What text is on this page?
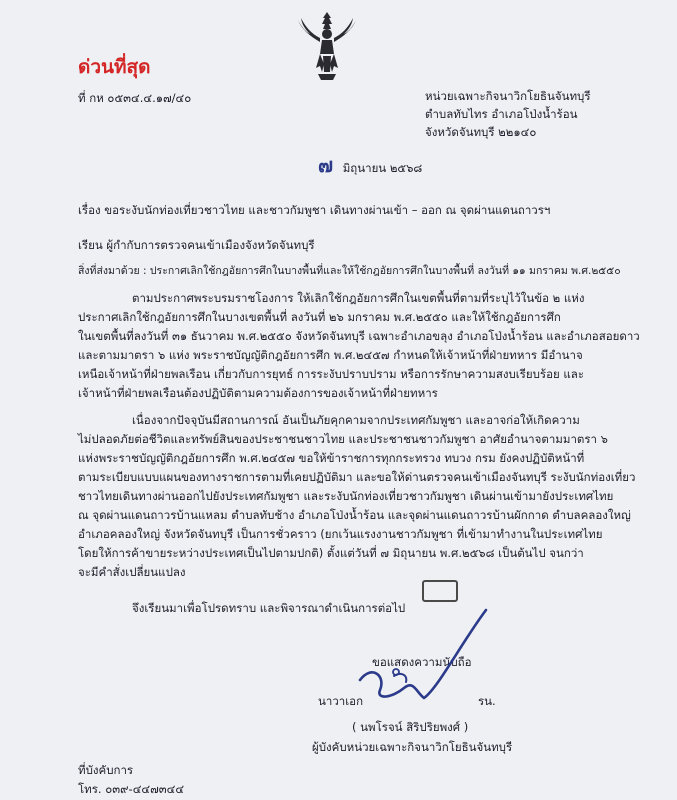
ด่วนที่สุด
ที่ กห ๐๕๓๔.๔.๑๗/๔๐	หน่วยเฉพาะกิจนาวิกโยธินจันทบุรี
ตำบลทับไทร อำเภอโป่งน้ำร้อน
จังหวัดจันทบุรี ๒๒๑๔๐
๗ มิถุนายน ๒๕๖๘
เรื่อง ขอระงับนักท่องเที่ยวชาวไทย และชาวกัมพูชา เดินทางผ่านเข้า – ออก ณ จุดผ่านแดนถาวรฯ
เรียน ผู้กำกับการตรวจคนเข้าเมืองจังหวัดจันทบุรี
สิ่งที่ส่งมาด้วย : ประกาศเลิกใช้กฎอัยการศึกในบางพื้นที่และให้ใช้กฎอัยการศึกในบางพื้นที่ ลงวันที่ ๑๑ มกราคม พ.ศ.๒๕๕๐
ตามประกาศพระบรมราชโองการ ให้เลิกใช้กฎอัยการศึกในเขตพื้นที่ตามที่ระบุไว้ในข้อ ๒ แห่ง
ประกาศเลิกใช้กฎอัยการศึกในบางเขตพื้นที่ ลงวันที่ ๒๖ มกราคม พ.ศ.๒๕๕๐ และให้ใช้กฎอัยการศึก
ในเขตพื้นที่ลงวันที่ ๓๑ ธันวาคม พ.ศ.๒๕๕๐ จังหวัดจันทบุรี เฉพาะอำเภอขลุง อำเภอโป่งน้ำร้อน และอำเภอสอยดาว
และตามมาตรา ๖ แห่ง พระราชบัญญัติกฎอัยการศึก พ.ศ.๒๔๕๗ กำหนดให้เจ้าหน้าที่ฝ่ายทหาร มีอำนาจ
เหนือเจ้าหน้าที่ฝ่ายพลเรือน เกี่ยวกับการยุทธ์ การระงับปราบปราม หรือการรักษาความสงบเรียบร้อย และ
เจ้าหน้าที่ฝ่ายพลเรือนต้องปฏิบัติตามความต้องการของเจ้าหน้าที่ฝ่ายทหาร
เนื่องจากปัจจุบันมีสถานการณ์ อันเป็นภัยคุกคามจากประเทศกัมพูชา และอาจก่อให้เกิดความ
ไม่ปลอดภัยต่อชีวิตและทรัพย์สินของประชาชนชาวไทย และประชาชนชาวกัมพูชา อาศัยอำนาจตามมาตรา ๖
แห่งพระราชบัญญัติกฎอัยการศึก พ.ศ.๒๔๕๗ ขอให้ข้าราชการทุกกระทรวง ทบวง กรม ยังคงปฏิบัติหน้าที่
ตามระเบียบแบบแผนของทางราชการตามที่เคยปฏิบัติมา และขอให้ด่านตรวจคนเข้าเมืองจันทบุรี ระงับนักท่องเที่ยว
ชาวไทยเดินทางผ่านออกไปยังประเทศกัมพูชา และระงับนักท่องเที่ยวชาวกัมพูชา เดินผ่านเข้ามายังประเทศไทย
ณ จุดผ่านแดนถาวรบ้านแหลม ตำบลทับช้าง อำเภอโป่งน้ำร้อน และจุดผ่านแดนถาวรบ้านผักกาด ตำบลคลองใหญ่
อำเภอคลองใหญ่ จังหวัดจันทบุรี เป็นการชั่วคราว (ยกเว้นแรงงานชาวกัมพูชา ที่เข้ามาทำงานในประเทศไทย
โดยให้การค้าขายระหว่างประเทศเป็นไปตามปกติ) ตั้งแต่วันที่ ๗ มิถุนายน พ.ศ.๒๕๖๘ เป็นต้นไป จนกว่า
จะมีคำสั่งเปลี่ยนแปลง
จึงเรียนมาเพื่อโปรดทราบ และพิจารณาดำเนินการต่อไป
ขอแสดงความนับถือ
นาวาเอก	รน.
( นพโรจน์ สิริปริยพงศ์ )
ผู้บังคับหน่วยเฉพาะกิจนาวิกโยธินจันทบุรี
ที่บังคับการ
โทร. ๐๓๙-๔๔๗๓๔๔
